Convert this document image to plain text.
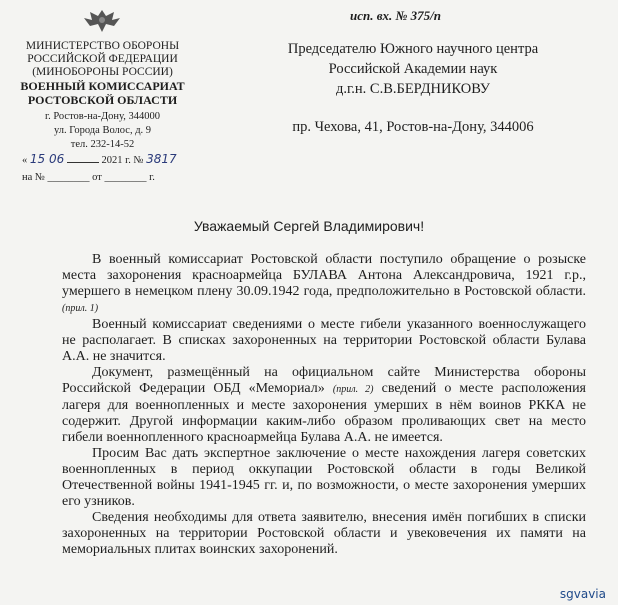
МИНИСТЕРСТВО ОБОРОНЫ
РОССИЙСКОЙ ФЕДЕРАЦИИ
(МИНОБОРОНЫ РОССИИ)
ВОЕННЫЙ КОМИССАРИАТ
РОСТОВСКОЙ ОБЛАСТИ
г. Ростов-на-Дону, 344000
ул. Города Волос, д. 9
тел. 232-14-52
« 15 06	2021 г. № 3817
на № ________ от ________ г.
исп. вх. № 375/п
Председателю Южного научного центра
Российской Академии наук
д.г.н. С.В.БЕРДНИКОВУ
пр. Чехова, 41, Ростов-на-Дону, 344006
Уважаемый Сергей Владимирович!

В военный комиссариат Ростовской области поступило обращение о розыске места захоронения красноармейца БУЛАВА Антона Александровича, 1921 г.р., умершего в немецком плену 30.09.1942 года, предположительно в Ростовской области. (прил. 1)

Военный комиссариат сведениями о месте гибели указанного военнослужащего не располагает. В списках захороненных на территории Ростовской области Булава А.А. не значится.

Документ, размещённый на официальном сайте Министерства обороны Российской Федерации ОБД «Мемориал» (прил. 2) сведений о месте расположения лагеря для военнопленных и месте захоронения умерших в нём воинов РККА не содержит. Другой информации каким-либо образом проливающих свет на место гибели военнопленного красноармейца Булава А.А. не имеется.

Просим Вас дать экспертное заключение о месте нахождения лагеря советских военнопленных в период оккупации Ростовской области в годы Великой Отечественной войны 1941-1945 гг. и, по возможности, о месте захоронения умерших его узников.

Сведения необходимы для ответа заявителю, внесения имён погибших в списки захороненных на территории Ростовской области и увековечения их памяти на мемориальных плитах воинских захоронений.

sgvavia
